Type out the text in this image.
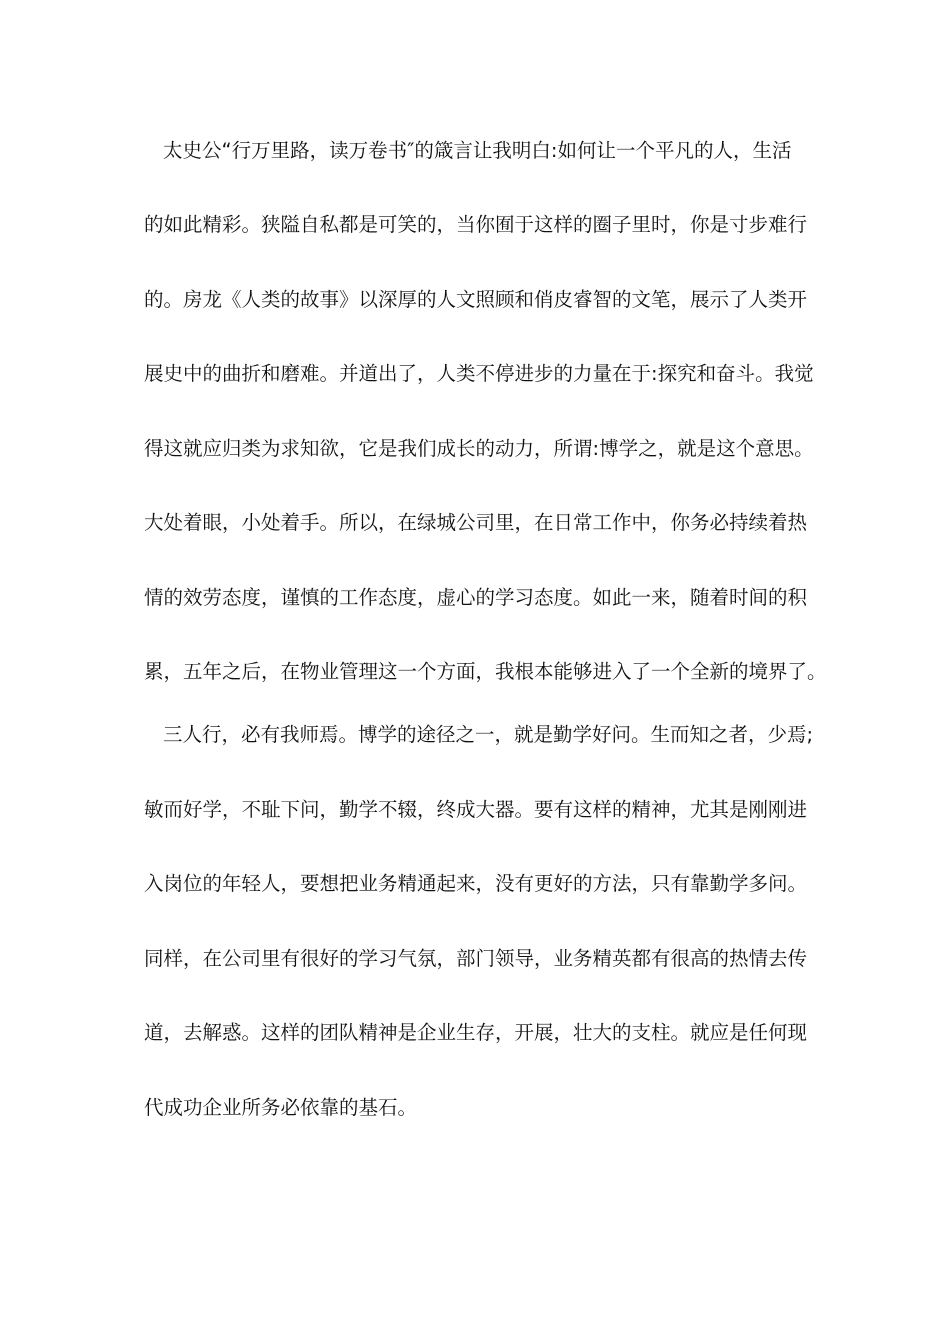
太史公“行万里路，读万卷书″的箴言让我明白:如何让一个平凡的人，生活
的如此精彩。狭隘自私都是可笑的，当你囿于这样的圈子里时，你是寸步难行
的。房龙《人类的故事》以深厚的人文照顾和俏皮睿智的文笔，展示了人类开
展史中的曲折和磨难。并道出了，人类不停进步的力量在于:探究和奋斗。我觉
得这就应归类为求知欲，它是我们成长的动力，所谓:博学之，就是这个意思。
大处着眼，小处着手。所以，在绿城公司里，在日常工作中，你务必持续着热
情的效劳态度，谨慎的工作态度，虚心的学习态度。如此一来，随着时间的积
累，五年之后，在物业管理这一个方面，我根本能够进入了一个全新的境界了。
三人行，必有我师焉。博学的途径之一，就是勤学好问。生而知之者，少焉;
敏而好学，不耻下问，勤学不辍，终成大器。要有这样的精神，尤其是刚刚进
入岗位的年轻人，要想把业务精通起来，没有更好的方法，只有靠勤学多问。
同样，在公司里有很好的学习气氛，部门领导，业务精英都有很高的热情去传
道，去解惑。这样的团队精神是企业生存，开展，壮大的支柱。就应是任何现
代成功企业所务必依靠的基石。
